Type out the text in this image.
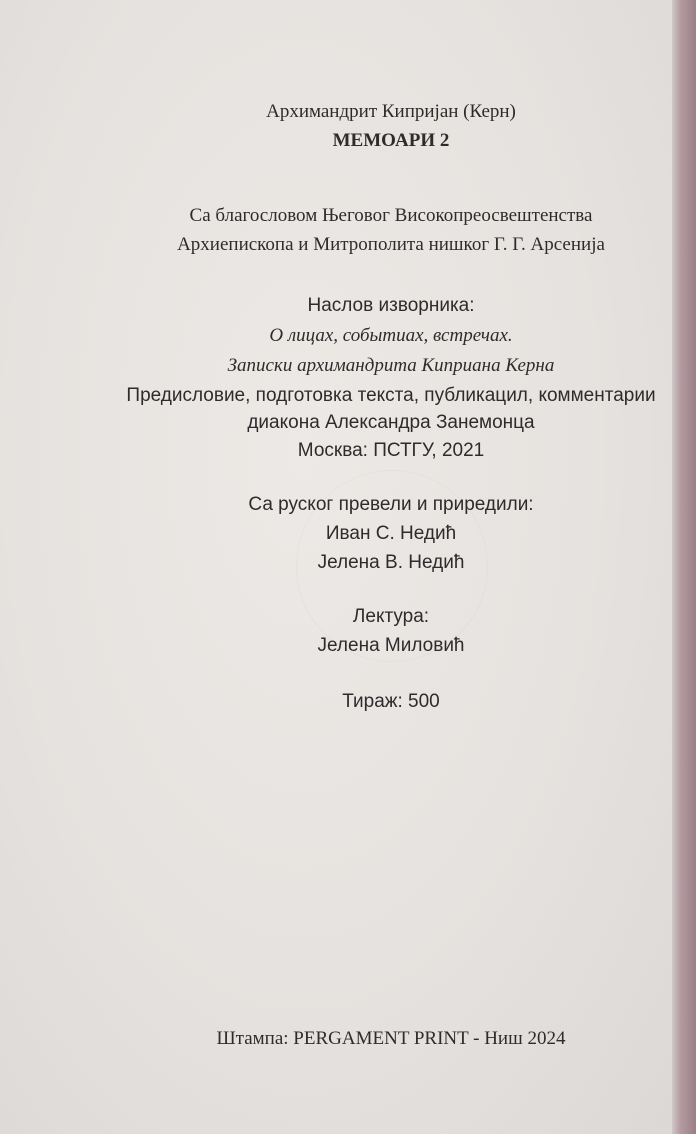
Архимандрит Кипријан (Керн)
МЕМОАРИ 2
Са благословом Његовог Високопреосвештенства
Архиепископа и Митрополита нишког Г. Г. Арсенија
Наслов изворника:
О лицах, событиах, встречах.
Записки архимандрита Киприана Керна
Предисловие, подготовка текста, публикацил, комментарии
диакона Александра Занемонца
Москва: ПСТГУ, 2021
Са руског превели и приредили:
Иван С. Недић
Јелена В. Недић
Лектура:
Јелена Миловић
Тираж: 500
Штампа: PERGAMENT PRINT - Ниш 2024
